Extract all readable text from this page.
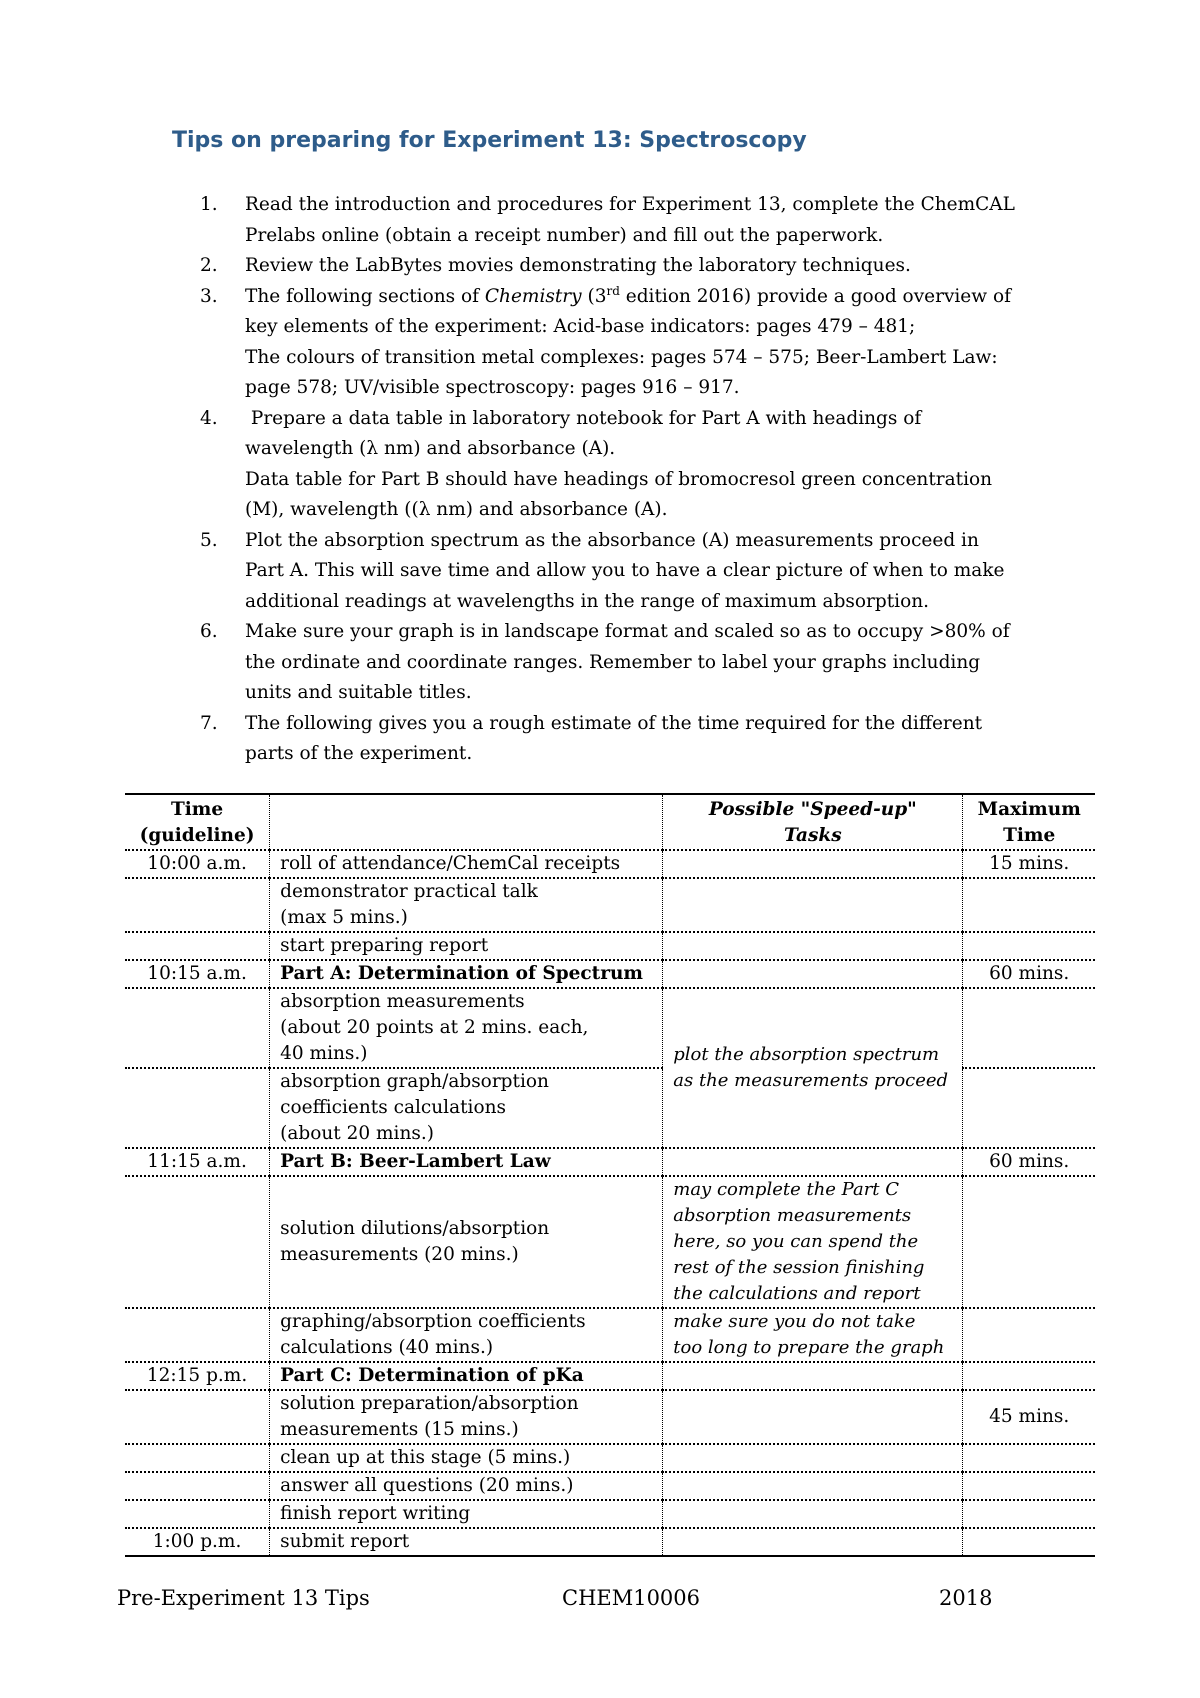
Tips on preparing for Experiment 13: Spectroscopy
1. Read the introduction and procedures for Experiment 13, complete the ChemCAL
Prelabs online (obtain a receipt number) and fill out the paperwork.
2. Review the LabBytes movies demonstrating the laboratory techniques.
3. The following sections of Chemistry (3rd edition 2016) provide a good overview of
key elements of the experiment: Acid-base indicators: pages 479 – 481;
The colours of transition metal complexes: pages 574 – 575; Beer-Lambert Law:
page 578; UV/visible spectroscopy: pages 916 – 917.
4. Prepare a data table in laboratory notebook for Part A with headings of
wavelength (λ nm) and absorbance (A).
Data table for Part B should have headings of bromocresol green concentration
(M), wavelength ((λ nm) and absorbance (A).
5. Plot the absorption spectrum as the absorbance (A) measurements proceed in
Part A. This will save time and allow you to have a clear picture of when to make
additional readings at wavelengths in the range of maximum absorption.
6. Make sure your graph is in landscape format and scaled so as to occupy >80% of
the ordinate and coordinate ranges. Remember to label your graphs including
units and suitable titles.
7. The following gives you a rough estimate of the time required for the different
parts of the experiment.
Time
(guideline)		Possible "Speed-up"
Tasks	Maximum
Time
10:00 a.m.	roll of attendance/ChemCal receipts		15 mins.
	demonstrator practical talk
(max 5 mins.)		
	start preparing report		
10:15 a.m.	Part A: Determination of Spectrum		60 mins.
	absorption measurements
(about 20 points at 2 mins. each,
40 mins.)	plot the absorption spectrum
as the measurements proceed	
	absorption graph/absorption
coefficients calculations
(about 20 mins.)		
11:15 a.m.	Part B: Beer-Lambert Law		60 mins.
	solution dilutions/absorption
measurements (20 mins.)	may complete the Part C
absorption measurements
here, so you can spend the
rest of the session finishing
the calculations and report	
	graphing/absorption coefficients
calculations (40 mins.)	make sure you do not take
too long to prepare the graph	
12:15 p.m.	Part C: Determination of pKa		
	solution preparation/absorption
measurements (15 mins.)		45 mins.
	clean up at this stage (5 mins.)		
	answer all questions (20 mins.)		
	finish report writing		
1:00 p.m.	submit report		
Pre-Experiment 13 Tips	CHEM10006	2018
